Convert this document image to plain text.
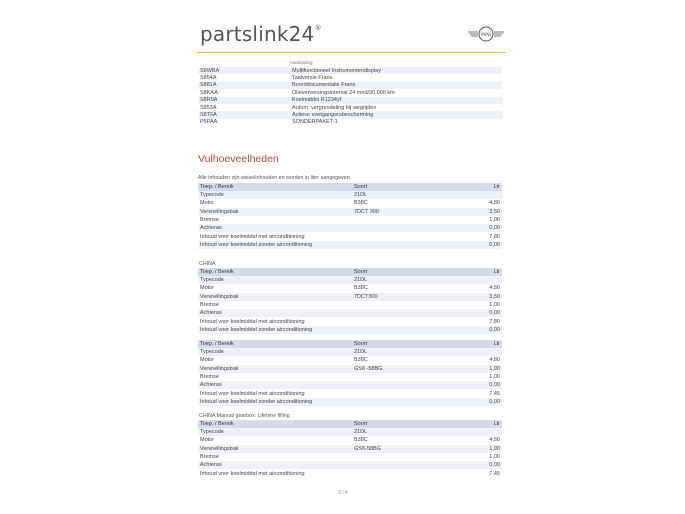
partslink24®
MINI
Aanduiding
S6WBA	Multifunctioneel Instrumentendisplay
S854A	Taalversie Frans
S881A	Boorddocumentatie Frans
S8KAA	Olieverversingsinterval 24 mnd/30.000 km
S8R9A	Koelmiddel R1234yf
S853A	Autom. vergrendeling bij wegrijden
S8TFA	Actieve voetgangersbescherming
P5PAA	SONDERPAKET-1
Vulhoeveelheden
Alle inhouden zijn wisselinhouden en worden in liter aangegeven.
Toep. / Bereik	Soort	Ltr
Typecode	21DL	
Motor	B38C	4,80
Versnellingsbak	7DCT 300	3,50
Bremse		1,00
Achteras		0,00
Inhoud voor koelmiddel met airconditioning		7,80
Inhoud voor koelmiddel zonder airconditioning		0,00
CHINA
Toep. / Bereik	Soort	Ltr
Typecode	21DL	
Motor	B38C	4,50
Versnellingsbak	7DCT300	3,50
Bremse		1,00
Achteras		0,00
Inhoud voor koelmiddel met airconditioning		7,80
Inhoud voor koelmiddel zonder airconditioning		0,00
Toep. / Bereik	Soort	Ltr
Typecode	21DL	
Motor	B38C	4,80
Versnellingsbak	GS6 -58BG	1,90
Bremse		1,00
Achteras		0,00
Inhoud voor koelmiddel met airconditioning		7,45
Inhoud voor koelmiddel zonder airconditioning		0,00
CHINA Manual gearbox: Lifetime filling
Toep. / Bereik	Soort	Ltr
Typecode	21DL	
Motor	B38C	4,50
Versnellingsbak	GS6-58BG	1,90
Bremse		1,00
Achteras		0,00
Inhoud voor koelmiddel met airconditioning		7,45
3 / 4
